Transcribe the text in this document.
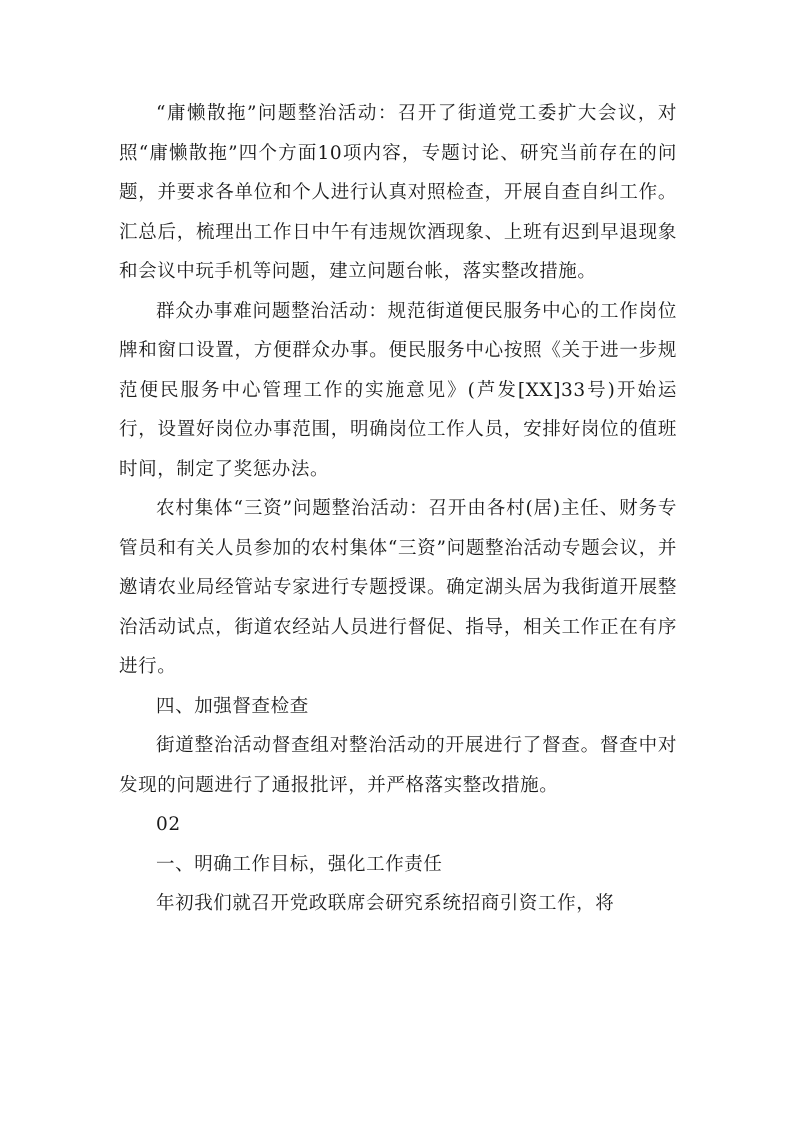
“庸懒散拖”问题整治活动：召开了街道党工委扩大会议，对照“庸懒散拖”四个方面10项内容，专题讨论、研究当前存在的问题，并要求各单位和个人进行认真对照检查，开展自查自纠工作。汇总后，梳理出工作日中午有违规饮酒现象、上班有迟到早退现象和会议中玩手机等问题，建立问题台帐，落实整改措施。

群众办事难问题整治活动：规范街道便民服务中心的工作岗位牌和窗口设置，方便群众办事。便民服务中心按照《关于进一步规范便民服务中心管理工作的实施意见》(芦发[XX]33号)开始运行，设置好岗位办事范围，明确岗位工作人员，安排好岗位的值班时间，制定了奖惩办法。

农村集体“三资”问题整治活动：召开由各村(居)主任、财务专管员和有关人员参加的农村集体“三资”问题整治活动专题会议，并邀请农业局经管站专家进行专题授课。确定湖头居为我街道开展整治活动试点，街道农经站人员进行督促、指导，相关工作正在有序进行。

四、加强督查检查

街道整治活动督查组对整治活动的开展进行了督查。督查中对发现的问题进行了通报批评，并严格落实整改措施。

02

一、明确工作目标，强化工作责任

年初我们就召开党政联席会研究系统招商引资工作，将
